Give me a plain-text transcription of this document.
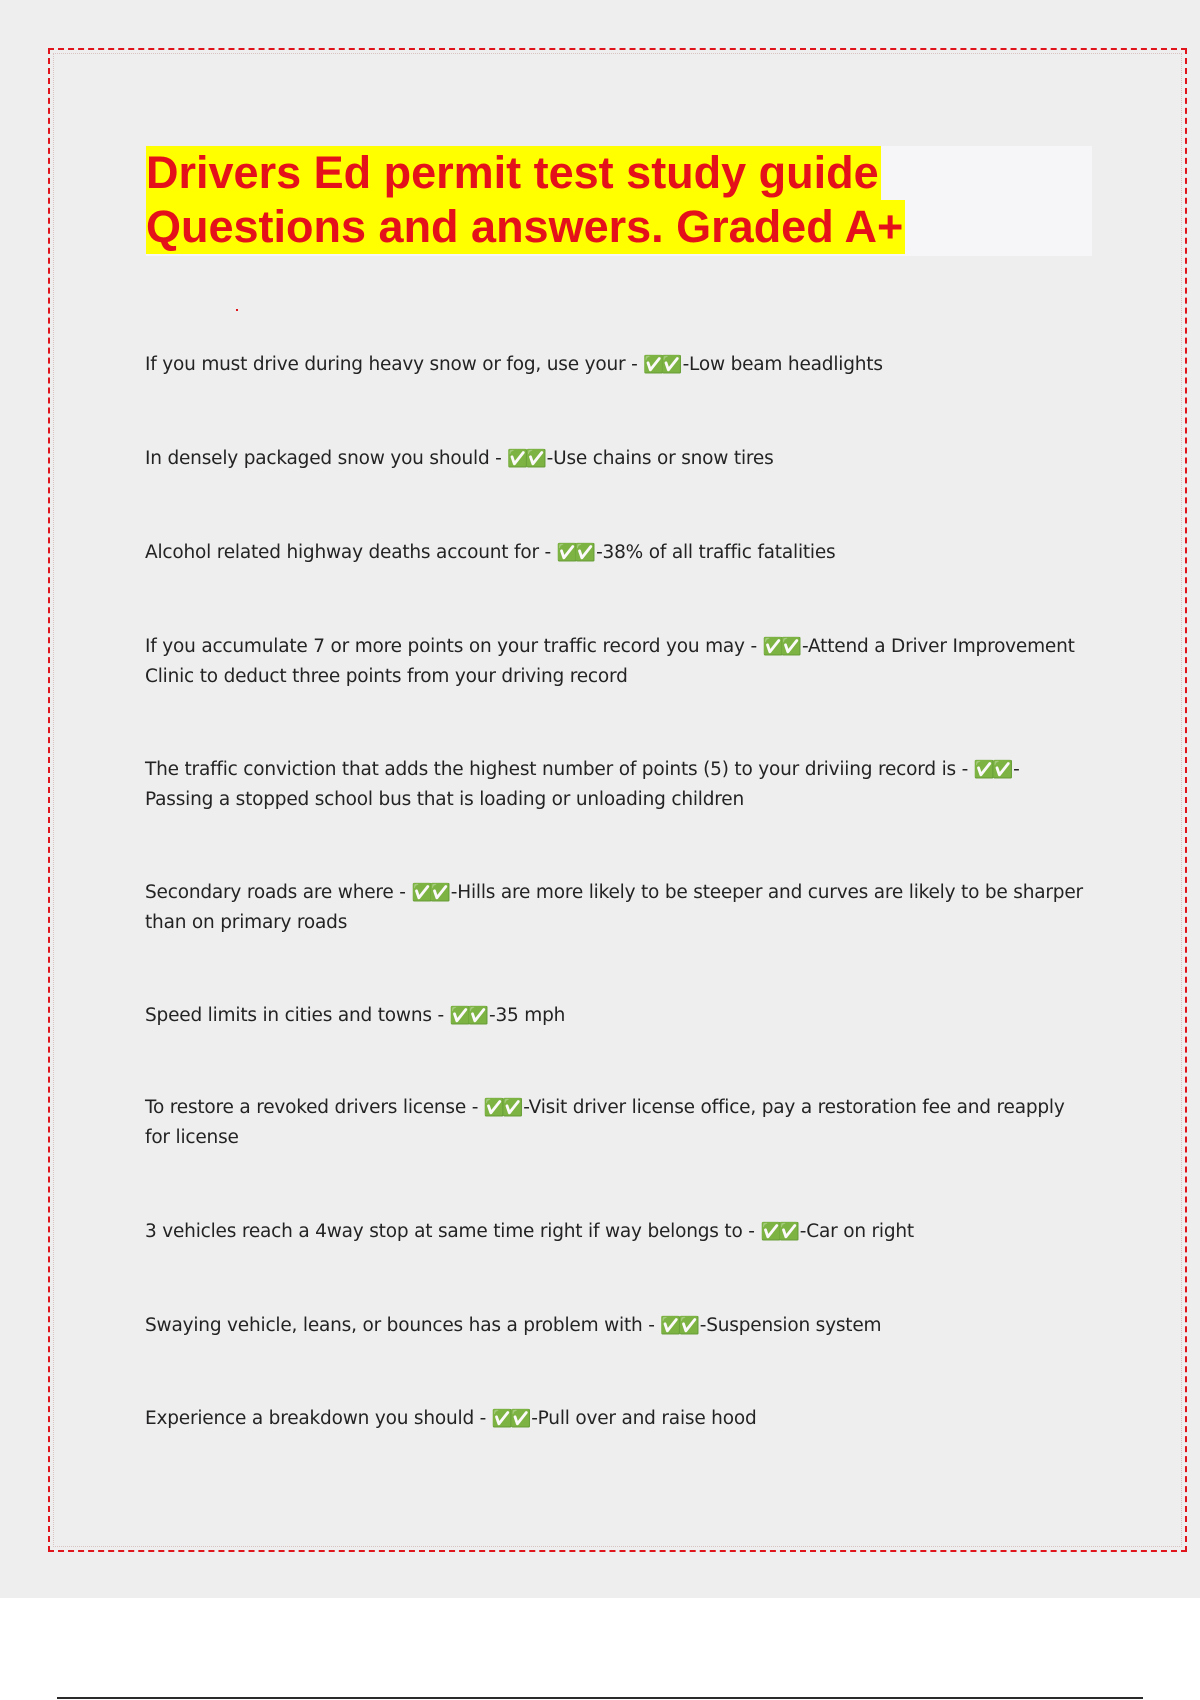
Drivers Ed permit test study guide
Questions and answers. Graded A+
If you must drive during heavy snow or fog, use your - ✅✅ -Low beam headlights
In densely packaged snow you should - ✅✅ -Use chains or snow tires
Alcohol related highway deaths account for - ✅✅ -38% of all traffic fatalities
If you accumulate 7 or more points on your traffic record you may - ✅✅ -Attend a Driver Improvement Clinic to deduct three points from your driving record
The traffic conviction that adds the highest number of points (5) to your driviing record is - ✅✅ -Passing a stopped school bus that is loading or unloading children
Secondary roads are where - ✅✅ -Hills are more likely to be steeper and curves are likely to be sharper than on primary roads
Speed limits in cities and towns - ✅✅ -35 mph
To restore a revoked drivers license - ✅✅ -Visit driver license office, pay a restoration fee and reapply for license
3 vehicles reach a 4way stop at same time right if way belongs to - ✅✅ -Car on right
Swaying vehicle, leans, or bounces has a problem with - ✅✅ -Suspension system
Experience a breakdown you should - ✅✅ -Pull over and raise hood
